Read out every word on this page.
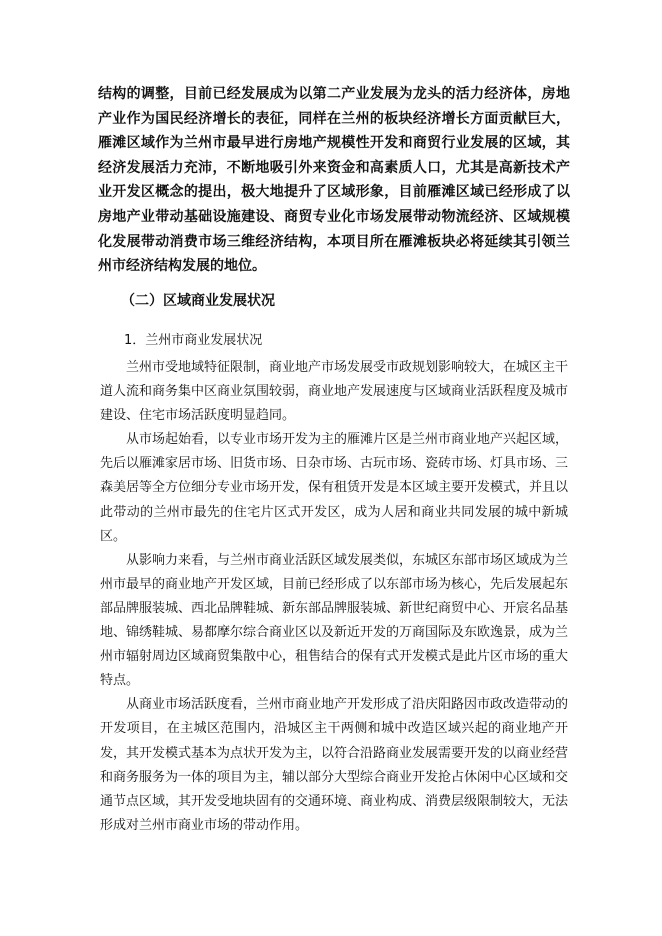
结构的调整，目前已经发展成为以第二产业发展为龙头的活力经济体，房地产业作为国民经济增长的表征，同样在兰州的板块经济增长方面贡献巨大，雁滩区域作为兰州市最早进行房地产规模性开发和商贸行业发展的区域，其经济发展活力充沛，不断地吸引外来资金和高素质人口，尤其是高新技术产业开发区概念的提出，极大地提升了区域形象，目前雁滩区域已经形成了以房地产业带动基础设施建设、商贸专业化市场发展带动物流经济、区域规模化发展带动消费市场三维经济结构，本项目所在雁滩板块必将延续其引领兰州市经济结构发展的地位。
（二）区域商业发展状况
1．兰州市商业发展状况

兰州市受地域特征限制，商业地产市场发展受市政规划影响较大，在城区主干道人流和商务集中区商业氛围较弱，商业地产发展速度与区域商业活跃程度及城市建设、住宅市场活跃度明显趋同。

从市场起始看，以专业市场开发为主的雁滩片区是兰州市商业地产兴起区域，先后以雁滩家居市场、旧货市场、日杂市场、古玩市场、瓷砖市场、灯具市场、三森美居等全方位细分专业市场开发，保有租赁开发是本区域主要开发模式，并且以此带动的兰州市最先的住宅片区式开发区，成为人居和商业共同发展的城中新城区。

从影响力来看，与兰州市商业活跃区域发展类似，东城区东部市场区域成为兰州市最早的商业地产开发区域，目前已经形成了以东部市场为核心，先后发展起东部品牌服装城、西北品牌鞋城、新东部品牌服装城、新世纪商贸中心、开宸名品基地、锦绣鞋城、易都摩尔综合商业区以及新近开发的万商国际及东欧逸景，成为兰州市辐射周边区域商贸集散中心，租售结合的保有式开发模式是此片区市场的重大特点。

从商业市场活跃度看，兰州市商业地产开发形成了沿庆阳路因市政改造带动的开发项目，在主城区范围内，沿城区主干两侧和城中改造区域兴起的商业地产开发，其开发模式基本为点状开发为主，以符合沿路商业发展需要开发的以商业经营和商务服务为一体的项目为主，辅以部分大型综合商业开发抢占休闲中心区域和交通节点区域，其开发受地块固有的交通环境、商业构成、消费层级限制较大，无法形成对兰州市商业市场的带动作用。
